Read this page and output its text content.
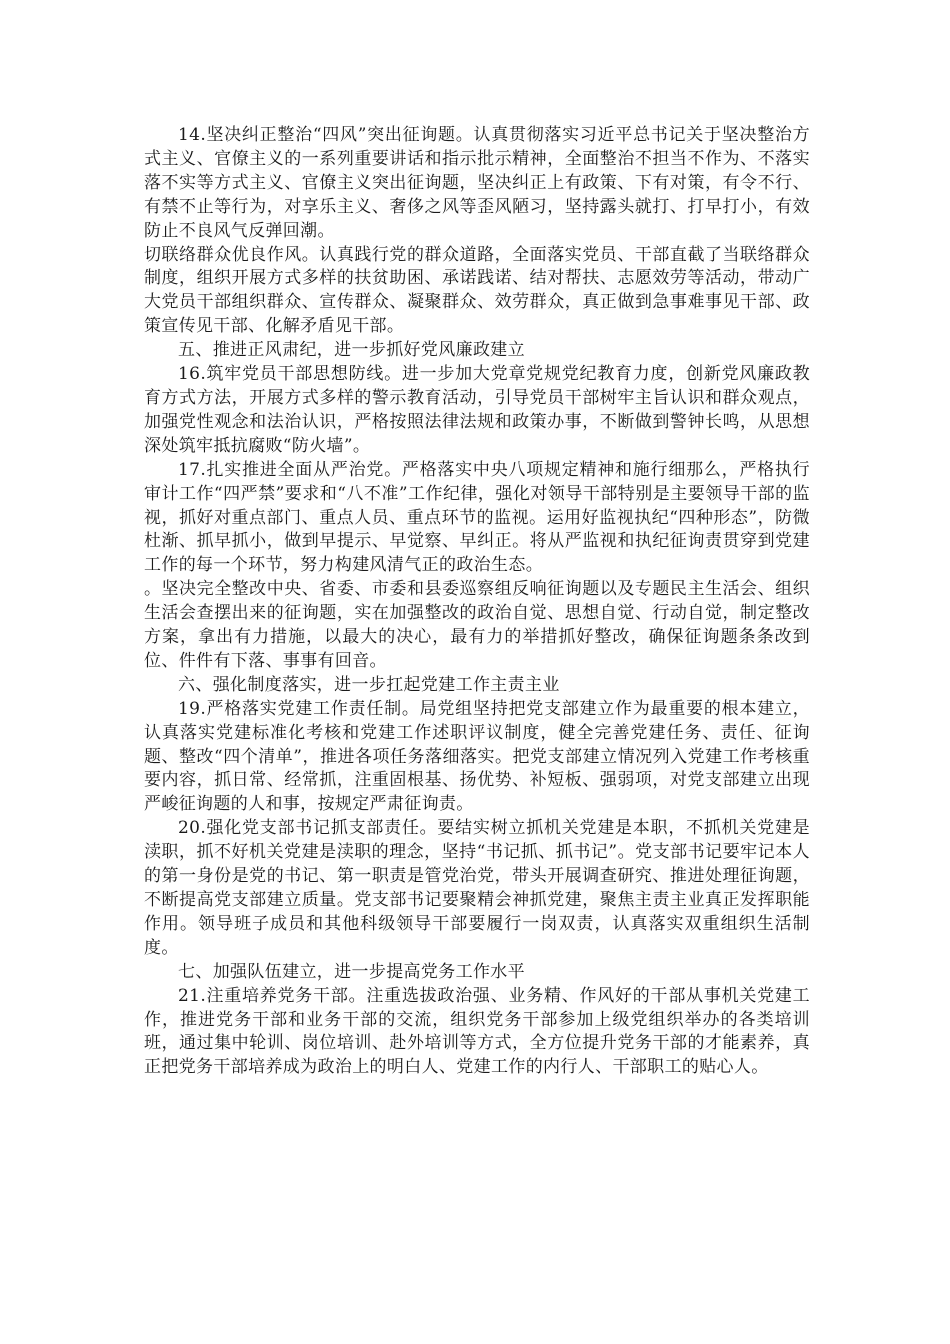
14.坚决纠正整治“四风”突出征询题。认真贯彻落实习近平总书记关于坚决整治方式主义、官僚主义的一系列重要讲话和指示批示精神，全面整治不担当不作为、不落实落不实等方式主义、官僚主义突出征询题，坚决纠正上有政策、下有对策，有令不行、有禁不止等行为，对享乐主义、奢侈之风等歪风陋习，坚持露头就打、打早打小，有效防止不良风气反弹回潮。

切联络群众优良作风。认真践行党的群众道路，全面落实党员、干部直截了当联络群众制度，组织开展方式多样的扶贫助困、承诺践诺、结对帮扶、志愿效劳等活动，带动广大党员干部组织群众、宣传群众、凝聚群众、效劳群众，真正做到急事难事见干部、政策宣传见干部、化解矛盾见干部。

五、推进正风肃纪，进一步抓好党风廉政建立

16.筑牢党员干部思想防线。进一步加大党章党规党纪教育力度，创新党风廉政教育方式方法，开展方式多样的警示教育活动，引导党员干部树牢主旨认识和群众观点，加强党性观念和法治认识，严格按照法律法规和政策办事，不断做到警钟长鸣，从思想深处筑牢抵抗腐败“防火墙”。

17.扎实推进全面从严治党。严格落实中央八项规定精神和施行细那么，严格执行审计工作“四严禁”要求和“八不准”工作纪律，强化对领导干部特别是主要领导干部的监视，抓好对重点部门、重点人员、重点环节的监视。运用好监视执纪“四种形态”，防微杜渐、抓早抓小，做到早提示、早觉察、早纠正。将从严监视和执纪征询责贯穿到党建工作的每一个环节，努力构建风清气正的政治生态。

。坚决完全整改中央、省委、市委和县委巡察组反响征询题以及专题民主生活会、组织生活会查摆出来的征询题，实在加强整改的政治自觉、思想自觉、行动自觉，制定整改方案，拿出有力措施，以最大的决心，最有力的举措抓好整改，确保征询题条条改到位、件件有下落、事事有回音。

六、强化制度落实，进一步扛起党建工作主责主业

19.严格落实党建工作责任制。局党组坚持把党支部建立作为最重要的根本建立，认真落实党建标准化考核和党建工作述职评议制度，健全完善党建任务、责任、征询题、整改“四个清单”，推进各项任务落细落实。把党支部建立情况列入党建工作考核重要内容，抓日常、经常抓，注重固根基、扬优势、补短板、强弱项，对党支部建立出现严峻征询题的人和事，按规定严肃征询责。

20.强化党支部书记抓支部责任。要结实树立抓机关党建是本职，不抓机关党建是渎职，抓不好机关党建是渎职的理念，坚持“书记抓、抓书记”。党支部书记要牢记本人的第一身份是党的书记、第一职责是管党治党，带头开展调查研究、推进处理征询题，不断提高党支部建立质量。党支部书记要聚精会神抓党建，聚焦主责主业真正发挥职能作用。领导班子成员和其他科级领导干部要履行一岗双责，认真落实双重组织生活制度。

七、加强队伍建立，进一步提高党务工作水平

21.注重培养党务干部。注重选拔政治强、业务精、作风好的干部从事机关党建工作，推进党务干部和业务干部的交流，组织党务干部参加上级党组织举办的各类培训班，通过集中轮训、岗位培训、赴外培训等方式，全方位提升党务干部的才能素养，真正把党务干部培养成为政治上的明白人、党建工作的内行人、干部职工的贴心人。
